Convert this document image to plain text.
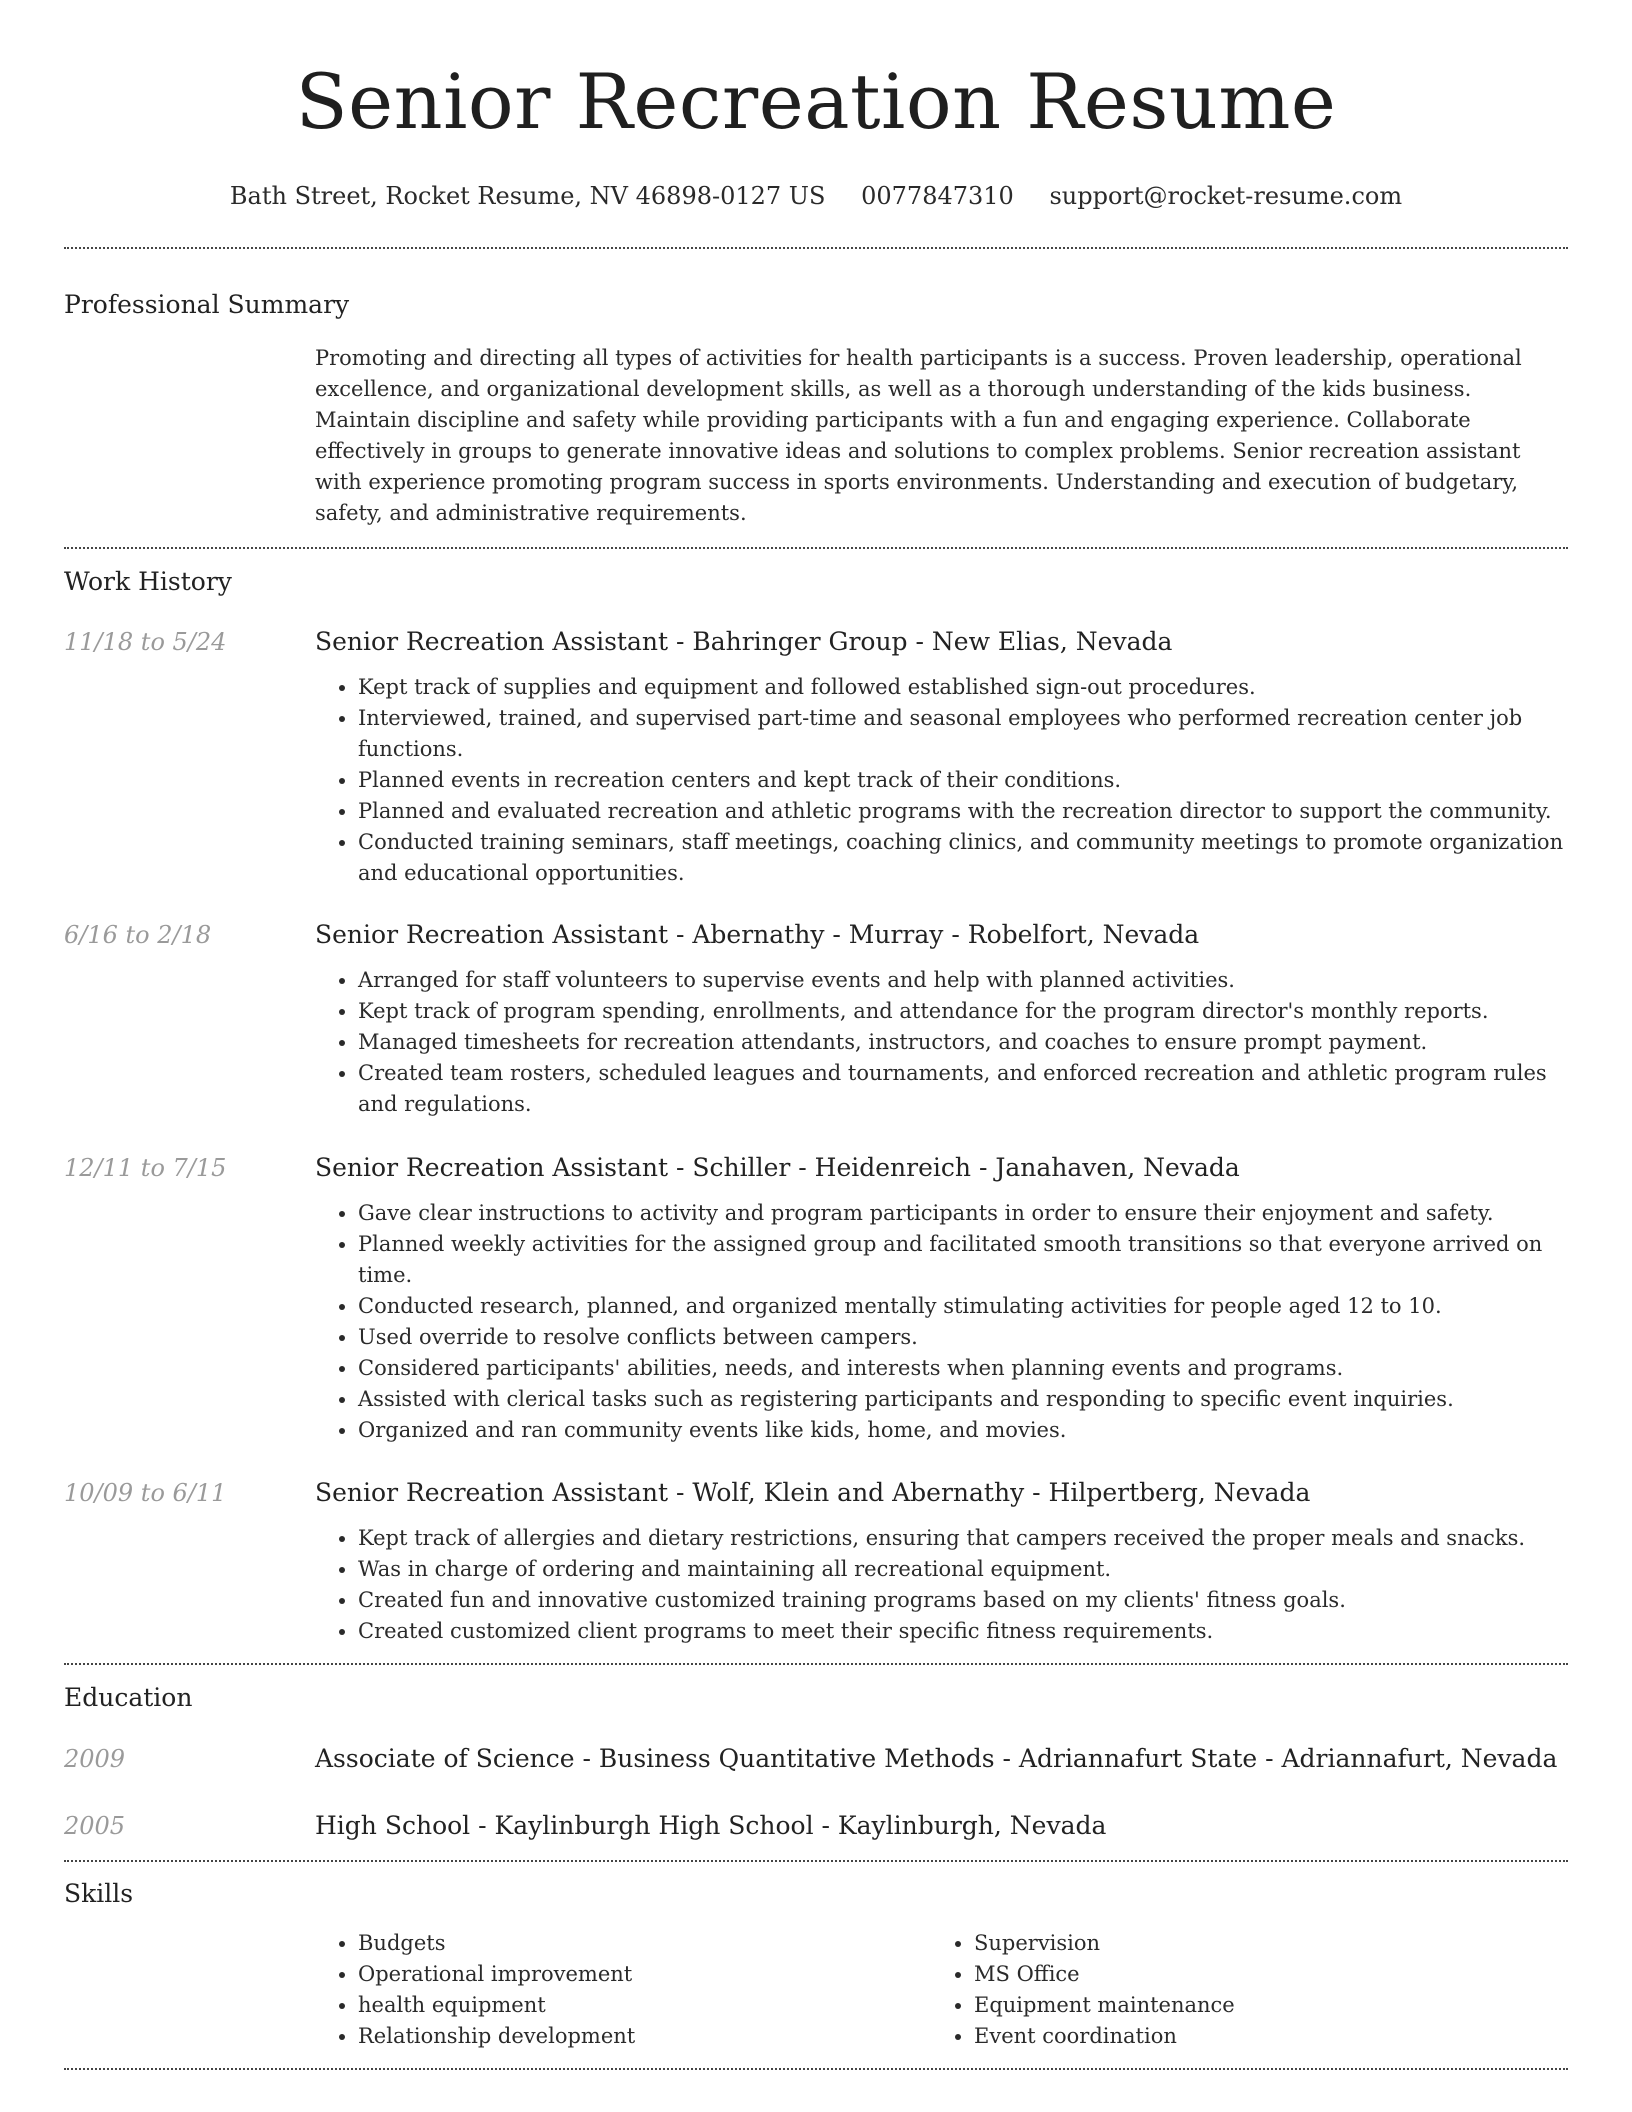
Senior Recreation Resume
Bath Street, Rocket Resume, NV 46898-0127 US 0077847310 support@rocket-resume.com
Professional Summary
Promoting and directing all types of activities for health participants is a success. Proven leadership, operational excellence, and organizational development skills, as well as a thorough understanding of the kids business. Maintain discipline and safety while providing participants with a fun and engaging experience. Collaborate effectively in groups to generate innovative ideas and solutions to complex problems. Senior recreation assistant with experience promoting program success in sports environments. Understanding and execution of budgetary, safety, and administrative requirements.
Work History
11/18 to 5/24	Senior Recreation Assistant - Bahringer Group - New Elias, Nevada
• Kept track of supplies and equipment and followed established sign-out procedures.
• Interviewed, trained, and supervised part-time and seasonal employees who performed recreation center job functions.
• Planned events in recreation centers and kept track of their conditions.
• Planned and evaluated recreation and athletic programs with the recreation director to support the community.
• Conducted training seminars, staff meetings, coaching clinics, and community meetings to promote organization and educational opportunities.
6/16 to 2/18	Senior Recreation Assistant - Abernathy - Murray - Robelfort, Nevada
• Arranged for staff volunteers to supervise events and help with planned activities.
• Kept track of program spending, enrollments, and attendance for the program director's monthly reports.
• Managed timesheets for recreation attendants, instructors, and coaches to ensure prompt payment.
• Created team rosters, scheduled leagues and tournaments, and enforced recreation and athletic program rules and regulations.
12/11 to 7/15	Senior Recreation Assistant - Schiller - Heidenreich - Janahaven, Nevada
• Gave clear instructions to activity and program participants in order to ensure their enjoyment and safety.
• Planned weekly activities for the assigned group and facilitated smooth transitions so that everyone arrived on time.
• Conducted research, planned, and organized mentally stimulating activities for people aged 12 to 10.
• Used override to resolve conflicts between campers.
• Considered participants' abilities, needs, and interests when planning events and programs.
• Assisted with clerical tasks such as registering participants and responding to specific event inquiries.
• Organized and ran community events like kids, home, and movies.
10/09 to 6/11	Senior Recreation Assistant - Wolf, Klein and Abernathy - Hilpertberg, Nevada
• Kept track of allergies and dietary restrictions, ensuring that campers received the proper meals and snacks.
• Was in charge of ordering and maintaining all recreational equipment.
• Created fun and innovative customized training programs based on my clients' fitness goals.
• Created customized client programs to meet their specific fitness requirements.
Education
2009	Associate of Science - Business Quantitative Methods - Adriannafurt State - Adriannafurt, Nevada
2005	High School - Kaylinburgh High School - Kaylinburgh, Nevada
Skills
• Budgets
• Operational improvement
• health equipment
• Relationship development
• Supervision
• MS Office
• Equipment maintenance
• Event coordination
